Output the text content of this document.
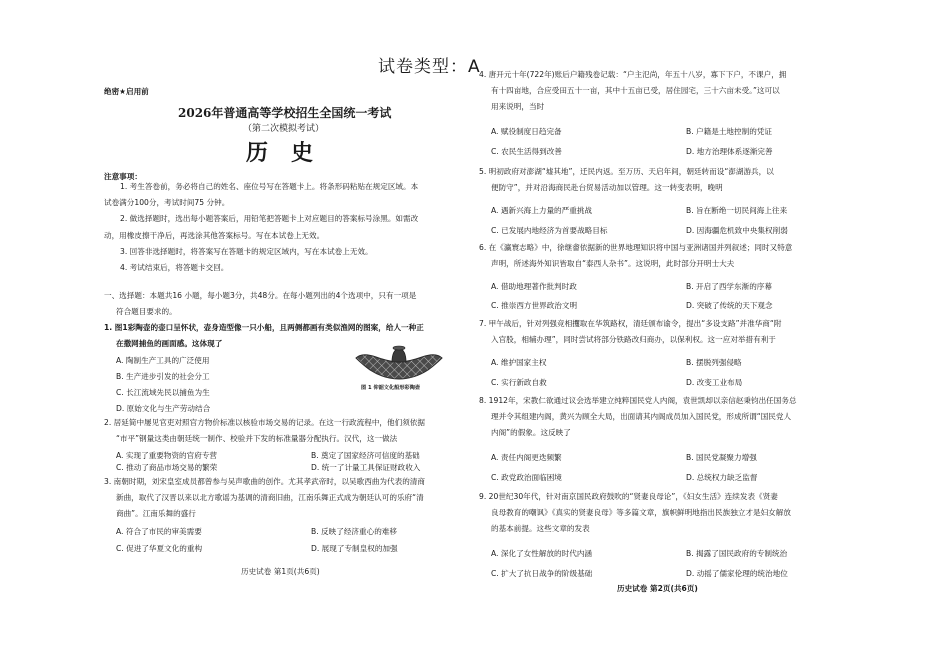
试卷类型：A
绝密★启用前
2026年普通高等学校招生全国统一考试
（第二次模拟考试）
历   史
注意事项：
1. 考生答卷前，务必将自己的姓名、座位号写在答题卡上。将条形码粘贴在规定区域。本
试卷满分100分，考试时间75 分钟。
2. 做选择题时，选出每小题答案后，用铅笔把答题卡上对应题目的答案标号涂黑。如需改
动，用橡皮擦干净后，再选涂其他答案标号。写在本试卷上无效。
3. 回答非选择题时，将答案写在答题卡的规定区域内，写在本试卷上无效。
4. 考试结束后，将答题卡交回。
一、选择题：本题共16 小题，每小题3分，共48分。在每小题列出的4个选项中，只有一项是
符合题目要求的。
1. 图1彩陶壶的壶口呈怀状，壶身造型像一只小船，且两侧都画有类似渔网的图案，给人一种正
在撒网捕鱼的画面感。这体现了
A. 陶制生产工具的广泛使用
B. 生产进步引发的社会分工
C. 长江流域先民以捕鱼为生
D. 原始文化与生产劳动结合
图 1 仰韶文化船形彩陶壶
2. 居延简中屡见官吏对照官方物价标准以核验市场交易的记录。在这一行政流程中，他们须依据
“市平”钢量这类由朝廷统一制作、校验并下发的标准量器分配执行。汉代，这一做法
A. 实现了重要物资的官府专营	B. 奠定了国家经济可信度的基础
C. 推动了商品市场交易的繁荣	D. 统一了计量工具保证财政收入
3. 南朝时期，刘宋皇室成员都曾参与吴声歌曲的创作。尤其孝武帝时，以吴歌西曲为代表的清商
新曲，取代了汉晋以来以北方歌谣为基调的清商旧曲，江南乐舞正式成为朝廷认可的乐府“清
商曲”。江南乐舞的盛行
A. 符合了市民的审美需要	B. 反映了经济重心的难移
C. 促进了华夏文化的重构	D. 展现了专制皇权的加强
历史试卷 第1页(共6页)
4. 唐开元十年(722年)账后户籍残卷记载：“户主氾尚，年五十八岁，寡下下户，不课户，拥
有十四亩地，合应受田五十一亩，其中十五亩已受，居住园宅，三十六亩未受。”这可以
用来说明，当时
A. 赋役制度日趋完备	B. 户籍是土地控制的凭证
C. 农民生活得到改善	D. 地方治理体系逐渐完善
5. 明初政府对澎湖“墟其地”，迁民内返。至万历、天启年间，朝廷转而设“澎湖游兵，以
便防守”，并对沿海商民赴台贸易活动加以管理。这一转变表明，晚明
A. 遇新兴海上力量的严重挑战	B. 旨在断绝一切民间海上往来
C. 已发展内地经济为首要战略目标	D. 因海疆危机致中央集权削弱
6. 在《瀛寰志略》中，徐继畬依据新的世界地理知识将中国与亚洲诸国并列叙述；同时又特意
声明，所述海外知识皆取自“泰西人杂书”。这说明，此时部分开明士大夫
A. 借助地理著作批判时政	B. 开启了西学东渐的序幕
C. 推崇西方世界政治文明	D. 突破了传统的天下观念
7. 甲午战后，针对列强竞相攫取在华筑路权，清廷颁布谕令，提出“多设支路”并准华商“附
入官股，相辅办理”，同时尝试将部分铁路改归商办，以保利权。这一应对举措有利于
A. 维护国家主权	B. 摆脱列强侵略
C. 实行新政自救	D. 改变工业布局
8. 1912年，宋教仁欲通过议会选举建立纯粹国民党人内阁，袁世凯却以亲信赵秉钧出任国务总
理并令其组建内阁，黄兴为顾全大局，出面请其内阁成员加入国民党，形成所谓“国民党人
内阁”的假象。这反映了
A. 责任内阁更迭频繁	B. 国民党凝聚力增强
C. 政党政治面临困境	D. 总统权力缺乏监督
9. 20世纪30年代，针对南京国民政府鼓吹的“贤妻良母论”，《妇女生活》连续发表《贤妻
良母教育的嘲讽》《真实的贤妻良母》等多篇文章，旗帜鲜明地指出民族独立才是妇女解放
的基本前提。这些文章的发表
A. 深化了女性解放的时代内涵	B. 揭露了国民政府的专制统治
C. 扩大了抗日战争的阶级基础	D. 动摇了儒家伦理的统治地位
历史试卷 第2页(共6页)
